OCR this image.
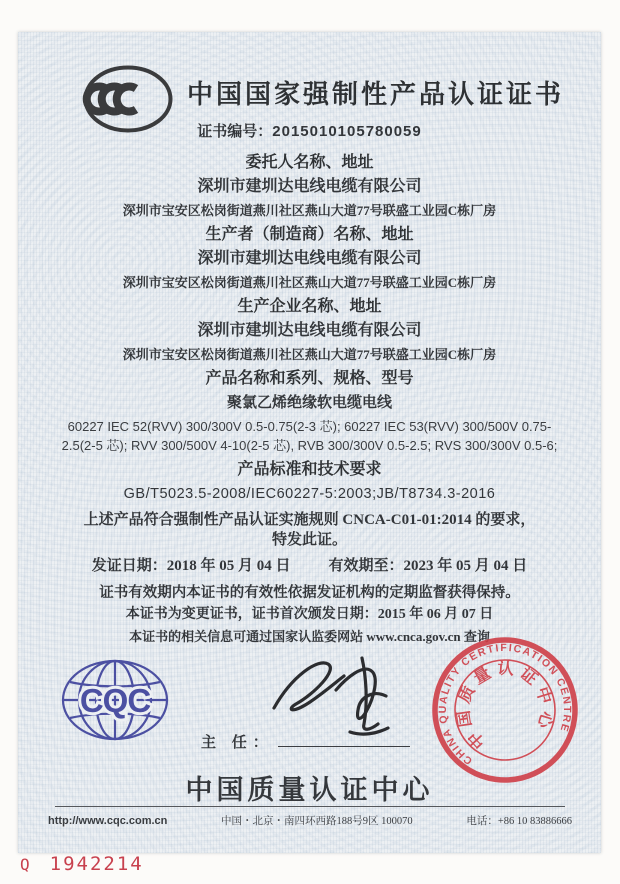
中国国家强制性产品认证证书
证书编号：2015010105780059

委托人名称、地址

深圳市建圳达电线电缆有限公司

深圳市宝安区松岗街道燕川社区燕山大道77号联盛工业园C栋厂房

生产者（制造商）名称、地址

深圳市建圳达电线电缆有限公司

深圳市宝安区松岗街道燕川社区燕山大道77号联盛工业园C栋厂房

生产企业名称、地址

深圳市建圳达电线电缆有限公司

深圳市宝安区松岗街道燕川社区燕山大道77号联盛工业园C栋厂房

产品名称和系列、规格、型号

聚氯乙烯绝缘软电缆电线

60227 IEC 52(RVV) 300/300V 0.5-0.75(2-3 芯); 60227 IEC 53(RVV) 300/500V 0.75-2.5(2-5 芯); RVV 300/500V 4-10(2-5 芯), RVB 300/300V 0.5-2.5; RVS 300/300V 0.5-6;

产品标准和技术要求

GB/T5023.5-2008/IEC60227-5:2003;JB/T8734.3-2016

上述产品符合强制性产品认证实施规则 CNCA-C01-01:2014 的要求，

特发此证。

发证日期：2018 年 05 月 04 日	有效期至：2023 年 05 月 04 日

证书有效期内本证书的有效性依据发证机构的定期监督获得保持。

本证书为变更证书，证书首次颁发日期：2015 年 06 月 07 日

本证书的相关信息可通过国家认监委网站 www.cnca.gov.cn 查询

CQC
主 任：
CHINA QUALITY CERTIFICATION CENTRE
中国质量认证中心
中国质量认证中心
http://www.cqc.com.cn	中国・北京・南四环西路188号9区 100070	电话：+86 10 83886666
Q 1942214
